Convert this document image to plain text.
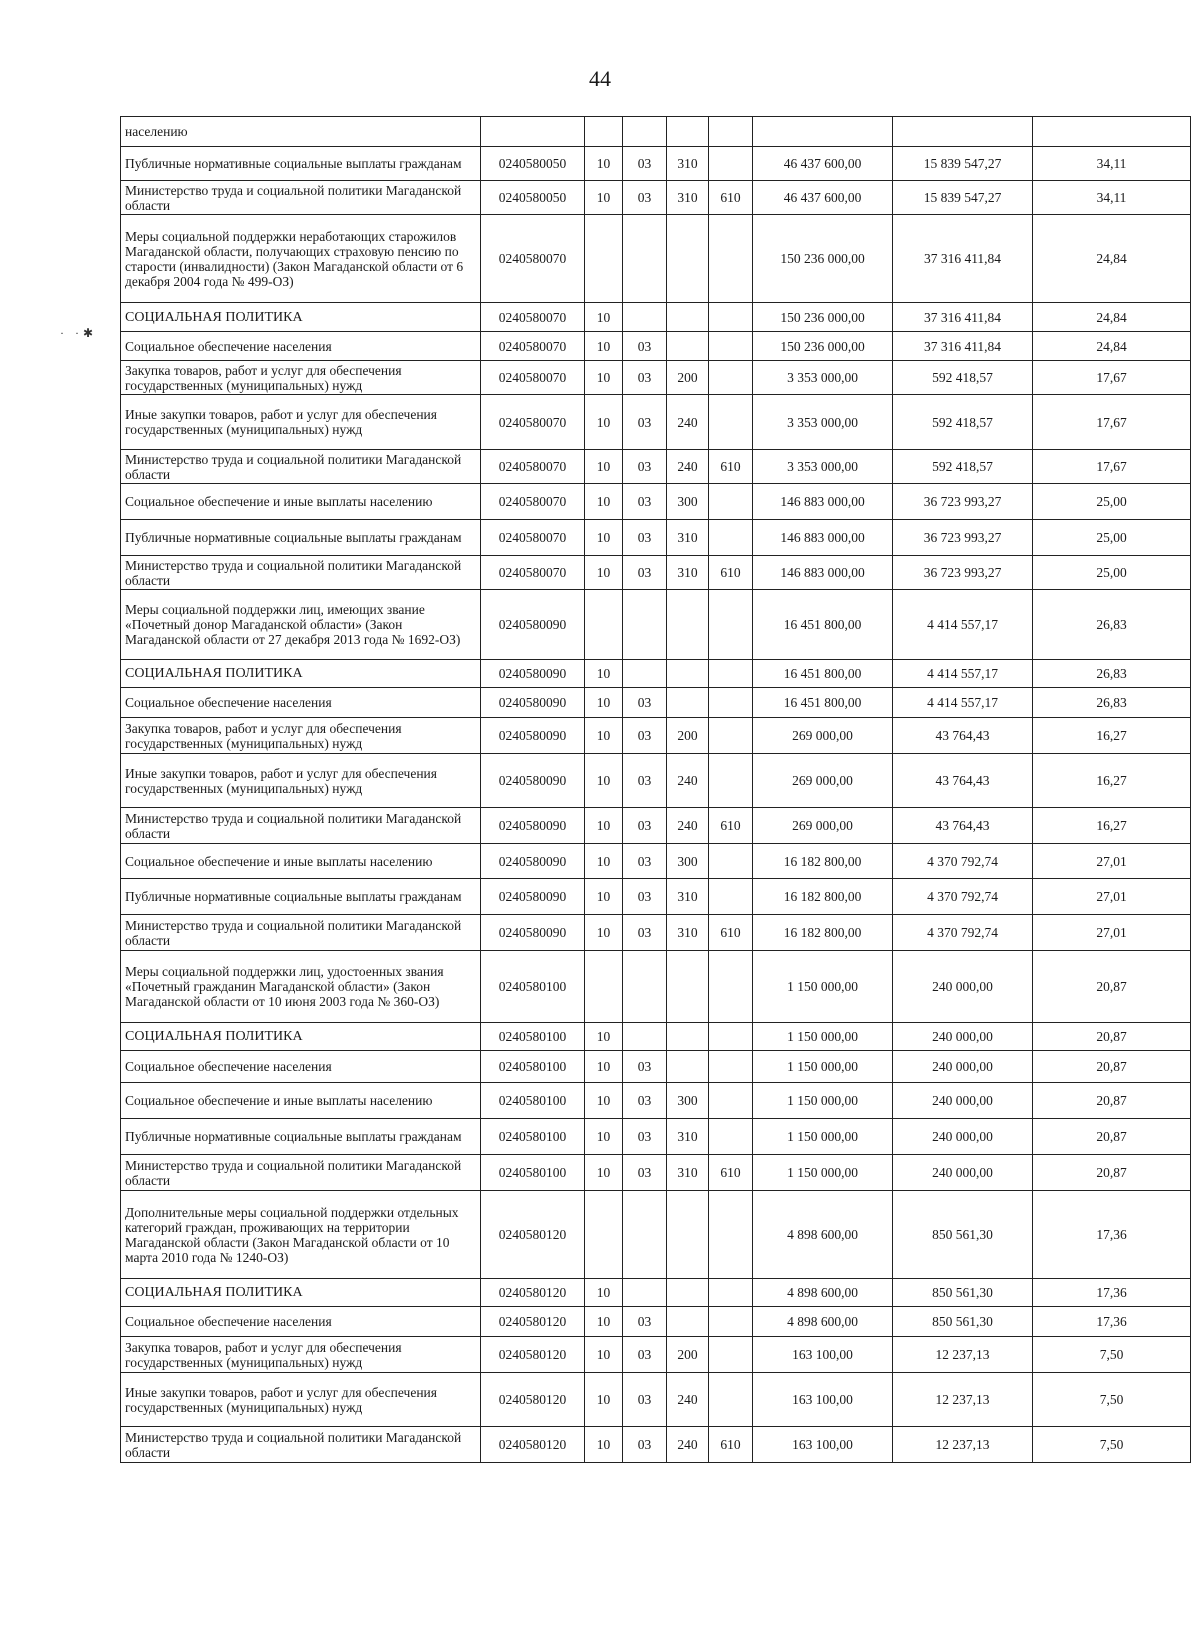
44
· ·✱
населению								
Публичные нормативные социальные выплаты гражданам	0240580050	10	03	310		46 437 600,00	15 839 547,27	34,11
Министерство труда и социальной политики Магаданской области	0240580050	10	03	310	610	46 437 600,00	15 839 547,27	34,11
Меры социальной поддержки неработающих старожилов Магаданской области, получающих страховую пенсию по старости (инвалидности) (Закон Магаданской области от 6 декабря 2004 года № 499-ОЗ)	0240580070					150 236 000,00	37 316 411,84	24,84
СОЦИАЛЬНАЯ ПОЛИТИКА	0240580070	10				150 236 000,00	37 316 411,84	24,84
Социальное обеспечение населения	0240580070	10	03			150 236 000,00	37 316 411,84	24,84
Закупка товаров, работ и услуг для обеспечения государственных (муниципальных) нужд	0240580070	10	03	200		3 353 000,00	592 418,57	17,67
Иные закупки товаров, работ и услуг для обеспечения государственных (муниципальных) нужд	0240580070	10	03	240		3 353 000,00	592 418,57	17,67
Министерство труда и социальной политики Магаданской области	0240580070	10	03	240	610	3 353 000,00	592 418,57	17,67
Социальное обеспечение и иные выплаты населению	0240580070	10	03	300		146 883 000,00	36 723 993,27	25,00
Публичные нормативные социальные выплаты гражданам	0240580070	10	03	310		146 883 000,00	36 723 993,27	25,00
Министерство труда и социальной политики Магаданской области	0240580070	10	03	310	610	146 883 000,00	36 723 993,27	25,00
Меры социальной поддержки лиц, имеющих звание «Почетный донор Магаданской области» (Закон Магаданской области от 27 декабря 2013 года № 1692-ОЗ)	0240580090					16 451 800,00	4 414 557,17	26,83
СОЦИАЛЬНАЯ ПОЛИТИКА	0240580090	10				16 451 800,00	4 414 557,17	26,83
Социальное обеспечение населения	0240580090	10	03			16 451 800,00	4 414 557,17	26,83
Закупка товаров, работ и услуг для обеспечения государственных (муниципальных) нужд	0240580090	10	03	200		269 000,00	43 764,43	16,27
Иные закупки товаров, работ и услуг для обеспечения государственных (муниципальных) нужд	0240580090	10	03	240		269 000,00	43 764,43	16,27
Министерство труда и социальной политики Магаданской области	0240580090	10	03	240	610	269 000,00	43 764,43	16,27
Социальное обеспечение и иные выплаты населению	0240580090	10	03	300		16 182 800,00	4 370 792,74	27,01
Публичные нормативные социальные выплаты гражданам	0240580090	10	03	310		16 182 800,00	4 370 792,74	27,01
Министерство труда и социальной политики Магаданской области	0240580090	10	03	310	610	16 182 800,00	4 370 792,74	27,01
Меры социальной поддержки лиц, удостоенных звания «Почетный гражданин Магаданской области» (Закон Магаданской области от 10 июня 2003 года № 360-ОЗ)	0240580100					1 150 000,00	240 000,00	20,87
СОЦИАЛЬНАЯ ПОЛИТИКА	0240580100	10				1 150 000,00	240 000,00	20,87
Социальное обеспечение населения	0240580100	10	03			1 150 000,00	240 000,00	20,87
Социальное обеспечение и иные выплаты населению	0240580100	10	03	300		1 150 000,00	240 000,00	20,87
Публичные нормативные социальные выплаты гражданам	0240580100	10	03	310		1 150 000,00	240 000,00	20,87
Министерство труда и социальной политики Магаданской области	0240580100	10	03	310	610	1 150 000,00	240 000,00	20,87
Дополнительные меры социальной поддержки отдельных категорий граждан, проживающих на территории Магаданской области (Закон Магаданской области от 10 марта 2010 года № 1240-ОЗ)	0240580120					4 898 600,00	850 561,30	17,36
СОЦИАЛЬНАЯ ПОЛИТИКА	0240580120	10				4 898 600,00	850 561,30	17,36
Социальное обеспечение населения	0240580120	10	03			4 898 600,00	850 561,30	17,36
Закупка товаров, работ и услуг для обеспечения государственных (муниципальных) нужд	0240580120	10	03	200		163 100,00	12 237,13	7,50
Иные закупки товаров, работ и услуг для обеспечения государственных (муниципальных) нужд	0240580120	10	03	240		163 100,00	12 237,13	7,50
Министерство труда и социальной политики Магаданской области	0240580120	10	03	240	610	163 100,00	12 237,13	7,50
